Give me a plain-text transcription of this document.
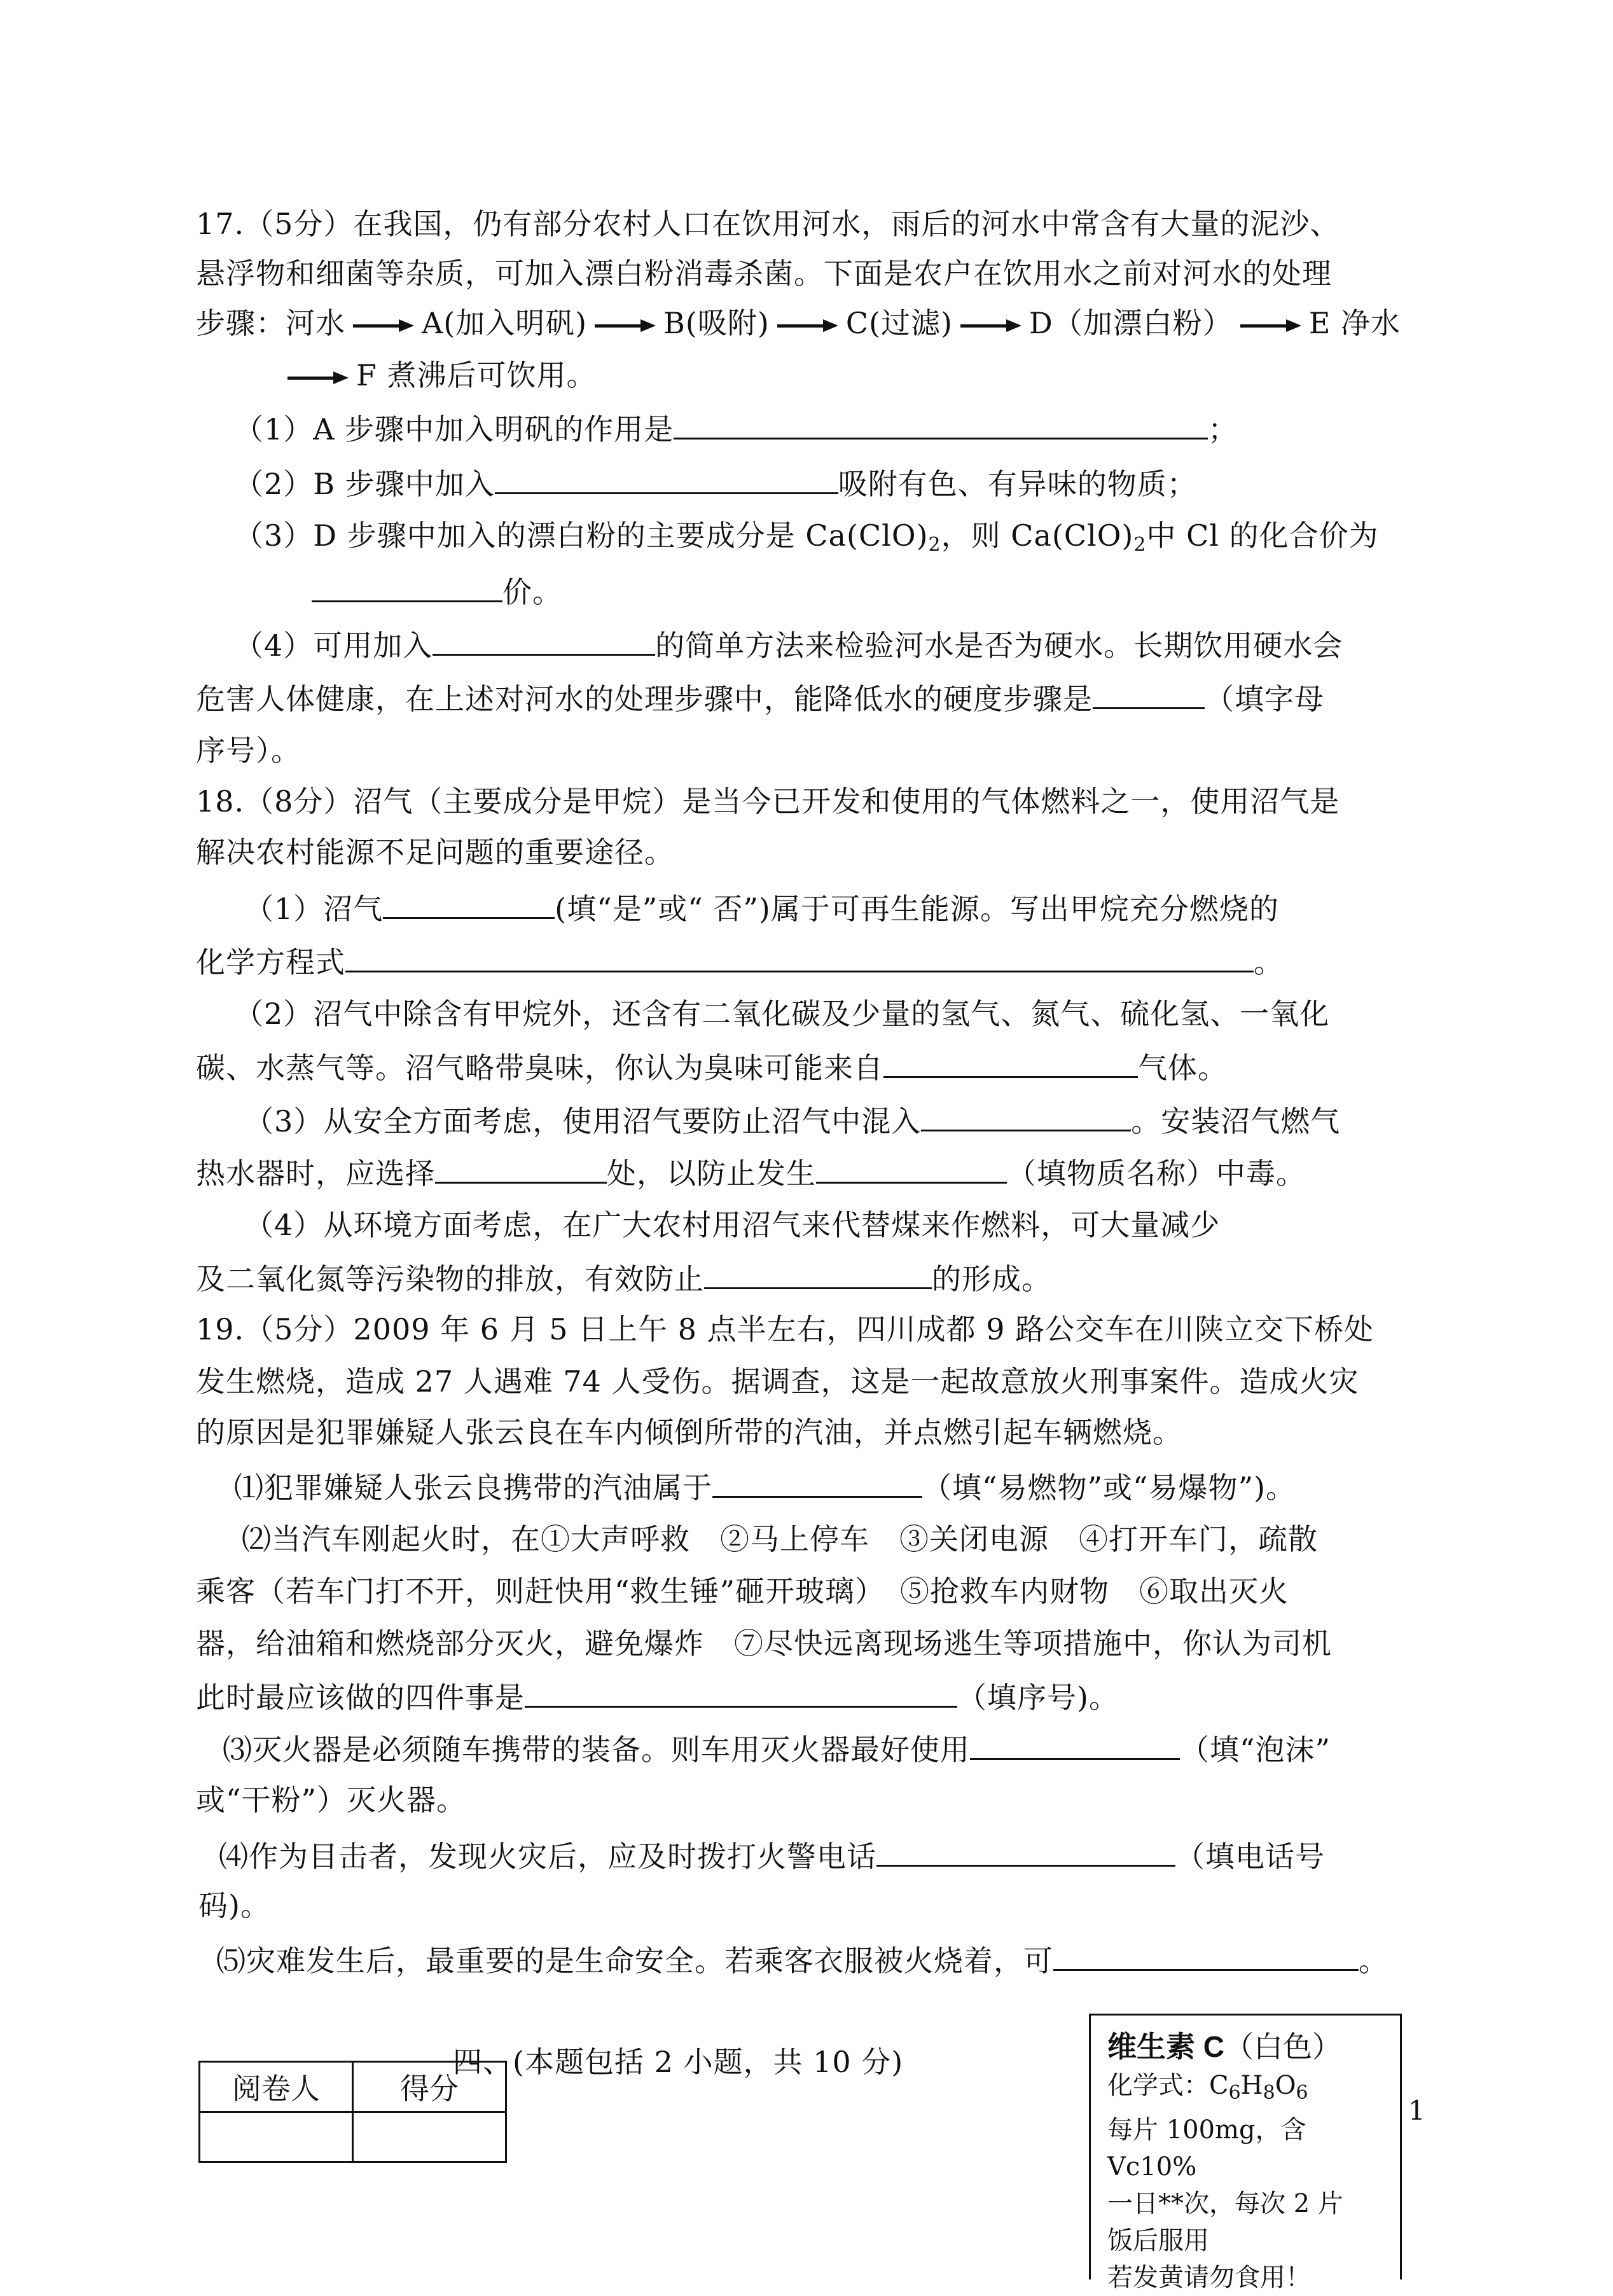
17.（5分）在我国，仍有部分农村人口在饮用河水，雨后的河水中常含有大量的泥沙、
悬浮物和细菌等杂质，可加入漂白粉消毒杀菌。下面是农户在饮用水之前对河水的处理
步骤：河水	A(加入明矾)	B(吸附)	C(过滤)	D（加漂白粉）	E 净水
F 煮沸后可饮用。
（1）A 步骤中加入明矾的作用是	；
（2）B 步骤中加入	吸附有色、有异味的物质；
（3）D 步骤中加入的漂白粉的主要成分是 $Ca(ClO)_2$，则 $Ca(ClO)_2$中 Cl 的化合价为
价。
（4）可用加入	的简单方法来检验河水是否为硬水。长期饮用硬水会
危害人体健康，在上述对河水的处理步骤中，能降低水的硬度步骤是	（填字母
序号）。
18.（8分）沼气（主要成分是甲烷）是当今已开发和使用的气体燃料之一，使用沼气是
解决农村能源不足问题的重要途径。
（1）沼气	(填“是”或“ 否”)属于可再生能源。写出甲烷充分燃烧的
化学方程式	。
（2）沼气中除含有甲烷外，还含有二氧化碳及少量的氢气、氮气、硫化氢、一氧化
碳、水蒸气等。沼气略带臭味，你认为臭味可能来自	气体。
（3）从安全方面考虑，使用沼气要防止沼气中混入	。安装沼气燃气
热水器时，应选择	处，以防止发生	（填物质名称）中毒。
（4）从环境方面考虑，在广大农村用沼气来代替煤来作燃料，可大量减少
及二氧化氮等污染物的排放，有效防止	的形成。
19.（5分）2009 年 6 月 5 日上午 8 点半左右，四川成都 9 路公交车在川陕立交下桥处
发生燃烧，造成 27 人遇难 74 人受伤。据调查，这是一起故意放火刑事案件。造成火灾
的原因是犯罪嫌疑人张云良在车内倾倒所带的汽油，并点燃引起车辆燃烧。
⑴犯罪嫌疑人张云良携带的汽油属于	（填“易燃物”或“易爆物”)。
⑵当汽车刚起火时，在①大声呼救　②马上停车　③关闭电源　④打开车门，疏散
乘客（若车门打不开，则赶快用“救生锤”砸开玻璃）　⑤抢救车内财物　⑥取出灭火
器，给油箱和燃烧部分灭火，避免爆炸　⑦尽快远离现场逃生等项措施中，你认为司机
此时最应该做的四件事是	（填序号)。
⑶灭火器是必须随车携带的装备。则车用灭火器最好使用	（填“泡沫”
或“干粉”）灭火器。
⑷作为目击者，发现火灾后，应及时拨打火警电话	（填电话号
码)。
⑸灾难发生后，最重要的是生命安全。若乘客衣服被火烧着，可	。
阅卷人	得分

四、(本题包括 2 小题，共 10 分)	维生素 C（白色）
化学式：$C_6H_8O_6$
每片 100mg，含 Vc10%
一日**次，每次 2 片
饭后服用
若发黄请勿食用！
1
